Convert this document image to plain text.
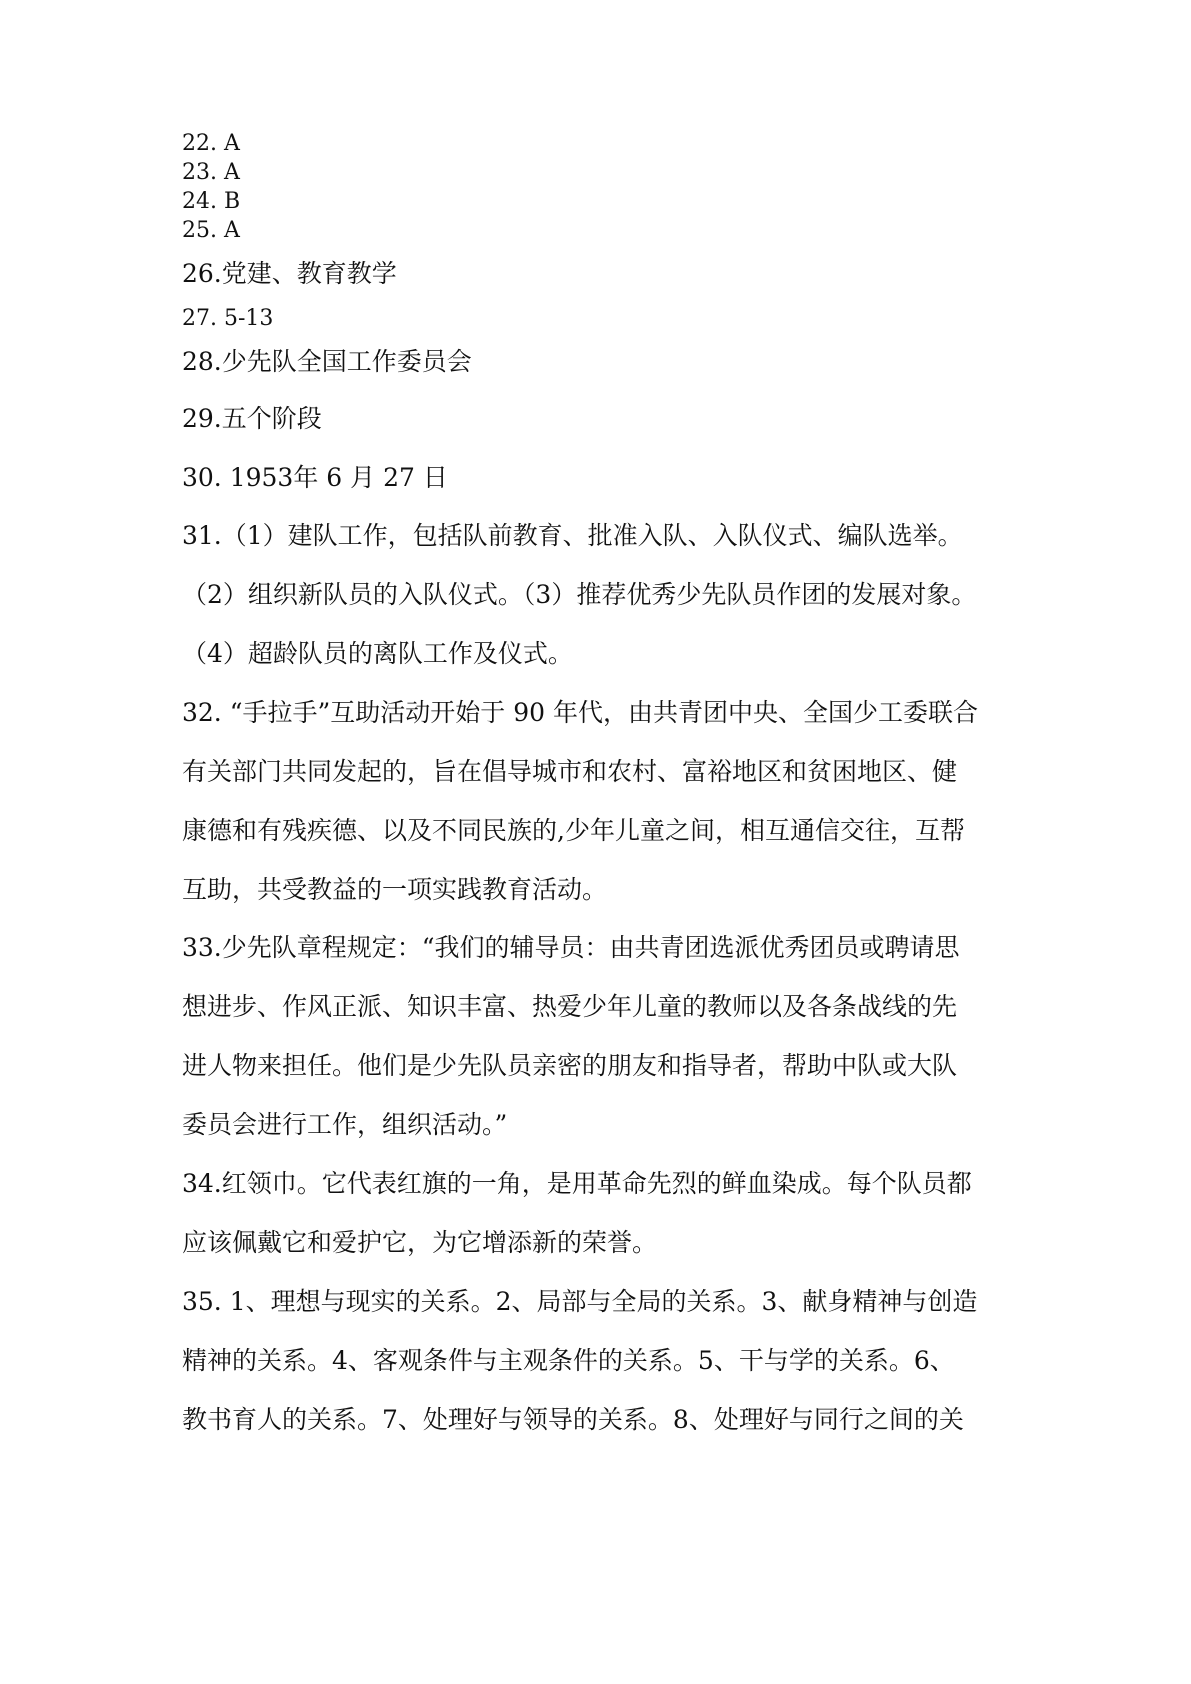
22. A
23. A
24. B
25. A
26.党建、教育教学
27. 5-13
28.少先队全国工作委员会
29.五个阶段
30. 1953年 6 月 27 日
31.（1）建队工作，包括队前教育、批准入队、入队仪式、编队选举。
（2）组织新队员的入队仪式。（3）推荐优秀少先队员作团的发展对象。
（4）超龄队员的离队工作及仪式。
32. “手拉手”互助活动开始于 90 年代，由共青团中央、全国少工委联合
有关部门共同发起的，旨在倡导城市和农村、富裕地区和贫困地区、健
康德和有残疾德、以及不同民族的,少年儿童之间，相互通信交往，互帮
互助，共受教益的一项实践教育活动。
33.少先队章程规定：“我们的辅导员：由共青团选派优秀团员或聘请思
想进步、作风正派、知识丰富、热爱少年儿童的教师以及各条战线的先
进人物来担任。他们是少先队员亲密的朋友和指导者，帮助中队或大队
委员会进行工作，组织活动。”
34.红领巾。它代表红旗的一角，是用革命先烈的鲜血染成。每个队员都
应该佩戴它和爱护它，为它增添新的荣誉。
35. 1、理想与现实的关系。2、局部与全局的关系。3、献身精神与创造
精神的关系。4、客观条件与主观条件的关系。5、干与学的关系。6、
教书育人的关系。7、处理好与领导的关系。8、处理好与同行之间的关
